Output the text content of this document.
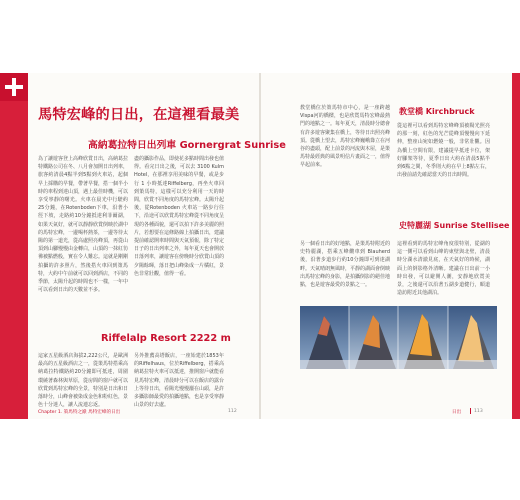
馬特宏峰的日出，在這裡看最美
高納葛拉特日出列車 Gornergrat Sunrise
為了讓遊客登上高峰欣賞日出，高納葛拉特鐵路公司在冬、八月會加開日出列車，旅客約清晨4點半到5點到火車站，起個早上採購的早餐，帶著早餐，搭一個半小時的車程到達山頂，遇上最佳時機，可以享受寧靜的曙光。火車在晨光中行駛約25分鐘，在Rotenboden下車，沿著小徑下坡，走路約10分鐘抵達利菲爾湖，如果天氣好，就可以靜靜欣賞倒映於湖中的馬特宏峰，一邊喝杯熱茶，一邊等待太陽的第一道光，從高處照亮峰頂，再從山頂到山腳慢慢由金轉白，山頂的一抹紅彷彿被點燃般，實在令人難忘。這就是剛剛拍攝的許多照片，然後搭火車回到策馬特，大約中午前就可以回到酒店，不同的季節，太陽升起的時間也不一樣，一年中可以看到日出的天數並不多。
盡的攝影作品，即使花多點時間出發也值得。看完日出之後，可以去 3100 Kulm Hotel，在那裡享用美味的早餐，或是步行 1 小時抵達Riffelberg，再坐火車回到策馬特，這樣可以充分利用一天的時間，欣賞不同角度的馬特宏峰。太陽升起後，從Rotenboden 火車站一路步行往下，沿途可以欣賞馬特宏峰從不同角度呈現的各種面貌，還可以拍下許多美麗的照片，若想要在這條路線上拍攝日出，建議提前確認開車時間與天氣預報，除了特定日子的日出列車之外，每年夏天也會開放日落列車，讓遊客在傍晚時分欣賞山頂的夕陽餘暉，落日把山峰染成一片橘紅，景色非常壯觀，值得一看。
Riffelalp Resort 2222 m
這家五星級酒店海拔2,222公尺，是歐洲最高的五星級酒店之一，從策馬特搭乘高納葛拉特鐵路約20分鐘即可抵達，周圍環繞著森林與草原，從房間的窗戶就可以欣賞到馬特宏峰的全景，特別是日出和日落時分，山峰會被染成金色和粉紅色，景色十分迷人，讓人流連忘返。
另外推薦高塔飯店，一座始建於1853年的Riffelhaus，位於Riffelberg，搭乘高納葛拉特火車可以抵達，推開窗戶就能看見馬特宏峰，清晨時分可以在飯店的露台上等待日出，看陽光慢慢灑在山頭，是許多攝影師最愛的拍攝地點，也是享受寧靜山景的好去處。
Chapter 1. 策馬特之巔 馬特宏峰的日出	112
教堂橋位於策馬特市中心，是一座跨越Vispa河的橋樑，也是欣賞馬特宏峰最熱門的地點之一。每年夏天，清晨時分總會有許多遊客聚集在橋上，等待日出照亮峰頂。從橋上望去，馬特宏峰巍峨聳立在河谷的盡頭，配上前景的河流與木屋，是策馬特最經典的風景明信片畫面之一，值得早起前來。
教堂橋 Kirchbruck
從這裡可以看到馬特宏峰峰頂被陽光照亮的那一刻，紅色的光芒從峰頂慢慢向下延伸，整座山宛如燃燒一般，非常壯觀。因為橋上空間有限，建議提早抵達卡位，架好腳架等待，夏季日出大約在清晨5點半到6點之間，冬季則大約在早上8點左右，出發前請先確認當天的日出時間。
史特麗湖 Sunrise Stellisee
另一個看日出的好地點，是策馬特附近的史特麗湖，搭乘五峰纜車到 Blauherd 後，沿著步道步行約10分鐘即可到達湖畔。天氣晴朗無風時，平靜的湖面會倒映出馬特宏峰的身影，是拍攝倒影的絕佳地點，也是遊客最愛的景點之一。
這裡看到的馬特宏峰角度很特別，從湖的這一側可以看到山峰的東壁與北壁，清晨時分湖水清澈見底，在天氣好的時候，湖面上的倒影格外清晰。建議在日出前一小時出發，可以避開人潮，安靜地欣賞美景，之後還可以沿著五湖步道健行，順道造訪附近其他湖泊。
日出	113
